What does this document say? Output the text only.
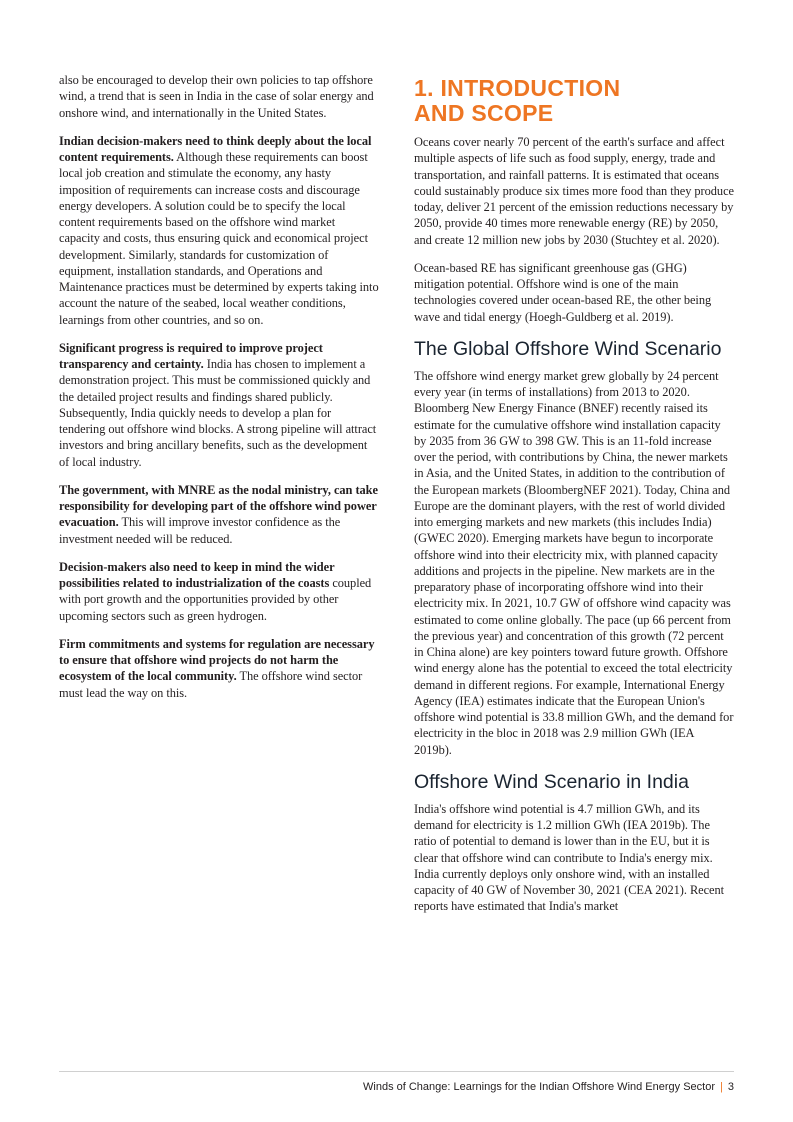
also be encouraged to develop their own policies to tap offshore wind, a trend that is seen in India in the case of solar energy and onshore wind, and internationally in the United States.

Indian decision-makers need to think deeply about the local content requirements. Although these requirements can boost local job creation and stimulate the economy, any hasty imposition of requirements can increase costs and discourage energy developers. A solution could be to specify the local content requirements based on the offshore wind market capacity and costs, thus ensuring quick and economical project development. Similarly, standards for customization of equipment, installation standards, and Operations and Maintenance practices must be determined by experts taking into account the nature of the seabed, local weather conditions, learnings from other countries, and so on.

Significant progress is required to improve project transparency and certainty. India has chosen to implement a demonstration project. This must be commissioned quickly and the detailed project results and findings shared publicly. Subsequently, India quickly needs to develop a plan for tendering out offshore wind blocks. A strong pipeline will attract investors and bring ancillary benefits, such as the development of local industry.

The government, with MNRE as the nodal ministry, can take responsibility for developing part of the offshore wind power evacuation. This will improve investor confidence as the investment needed will be reduced.

Decision-makers also need to keep in mind the wider possibilities related to industrialization of the coasts coupled with port growth and the opportunities provided by other upcoming sectors such as green hydrogen.

Firm commitments and systems for regulation are necessary to ensure that offshore wind projects do not harm the ecosystem of the local community. The offshore wind sector must lead the way on this.

1. INTRODUCTION
AND SCOPE

Oceans cover nearly 70 percent of the earth's surface and affect multiple aspects of life such as food supply, energy, trade and transportation, and rainfall patterns. It is estimated that oceans could sustainably produce six times more food than they produce today, deliver 21 percent of the emission reductions necessary by 2050, provide 40 times more renewable energy (RE) by 2050, and create 12 million new jobs by 2030 (Stuchtey et al. 2020).

Ocean-based RE has significant greenhouse gas (GHG) mitigation potential. Offshore wind is one of the main technologies covered under ocean-based RE, the other being wave and tidal energy (Hoegh-Guldberg et al. 2019).

The Global Offshore Wind Scenario

The offshore wind energy market grew globally by 24 percent every year (in terms of installations) from 2013 to 2020. Bloomberg New Energy Finance (BNEF) recently raised its estimate for the cumulative offshore wind installation capacity by 2035 from 36 GW to 398 GW. This is an 11-fold increase over the period, with contributions by China, the newer markets in Asia, and the United States, in addition to the contribution of the European markets (BloombergNEF 2021). Today, China and Europe are the dominant players, with the rest of world divided into emerging markets and new markets (this includes India) (GWEC 2020). Emerging markets have begun to incorporate offshore wind into their electricity mix, with planned capacity additions and projects in the pipeline. New markets are in the preparatory phase of incorporating offshore wind into their electricity mix. In 2021, 10.7 GW of offshore wind capacity was estimated to come online globally. The pace (up 66 percent from the previous year) and concentration of this growth (72 percent in China alone) are key pointers toward future growth. Offshore wind energy alone has the potential to exceed the total electricity demand in different regions. For example, International Energy Agency (IEA) estimates indicate that the European Union's offshore wind potential is 33.8 million GWh, and the demand for electricity in the bloc in 2018 was 2.9 million GWh (IEA 2019b).

Offshore Wind Scenario in India

India's offshore wind potential is 4.7 million GWh, and its demand for electricity is 1.2 million GWh (IEA 2019b). The ratio of potential to demand is lower than in the EU, but it is clear that offshore wind can contribute to India's energy mix. India currently deploys only onshore wind, with an installed capacity of 40 GW of November 30, 2021 (CEA 2021). Recent reports have estimated that India's market

Winds of Change: Learnings for the Indian Offshore Wind Energy Sector | 3
